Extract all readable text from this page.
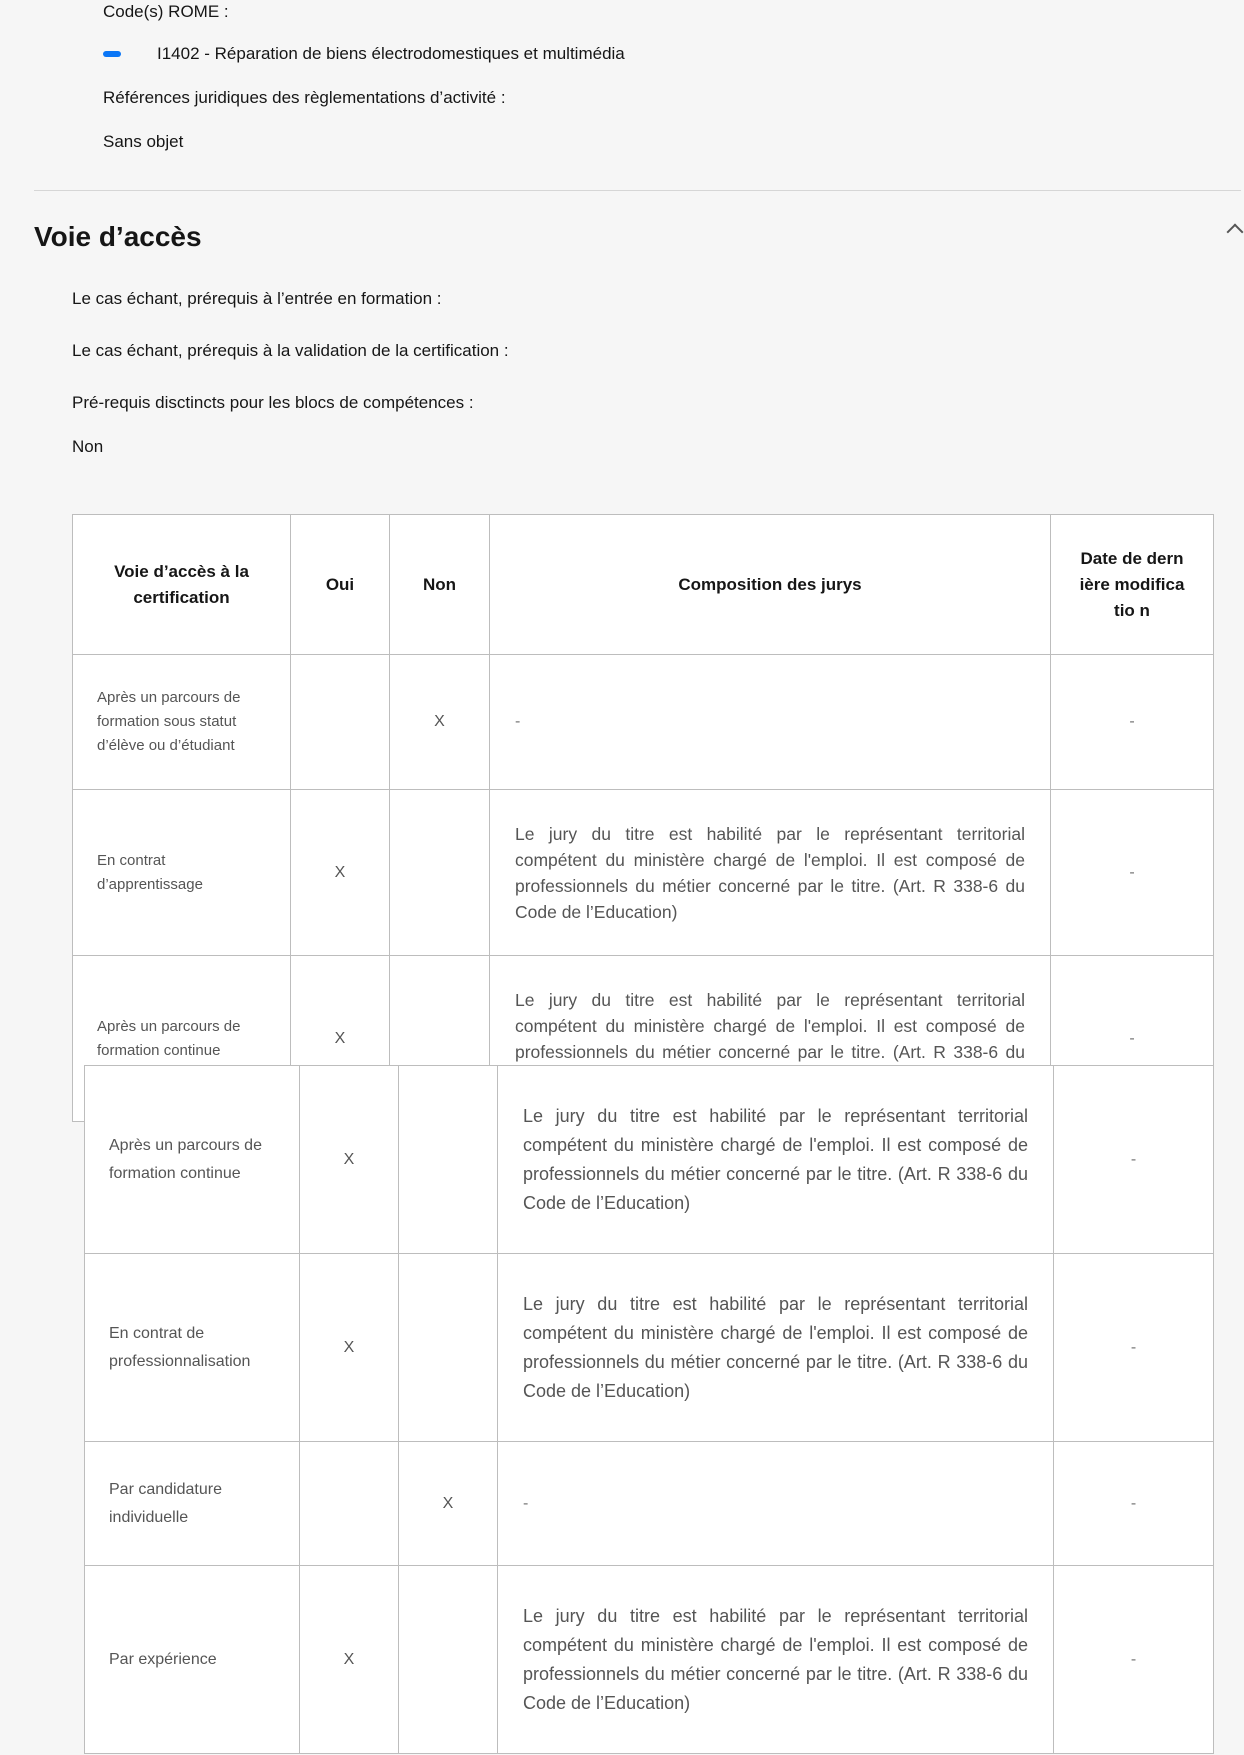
Code(s) ROME :
I1402 - Réparation de biens électrodomestiques et multimédia
Références juridiques des règlementations d’activité :
Sans objet
Voie d’accès
Le cas échant, prérequis à l’entrée en formation :
Le cas échant, prérequis à la validation de la certification :
Pré-requis disctincts pour les blocs de compétences :
Non
Voie d’accès à la certification	Oui	Non	Composition des jurys	Date de dernière modificatio n
Après un parcours de formation sous statut d’élève ou d’étudiant		X	-	-
En contrat d’apprentissage	X		Le jury du titre est habilité par le représentant territorial compétent du ministère chargé de l'emploi. Il est composé de professionnels du métier concerné par le titre. (Art. R 338-6 du Code de l’Education)	-
Après un parcours de formation continue	X		Le jury du titre est habilité par le représentant territorial compétent du ministère chargé de l'emploi. Il est composé de professionnels du métier concerné par le titre. (Art. R 338-6 du	-
Après un parcours de formation continue	X		Le jury du titre est habilité par le représentant territorial compétent du ministère chargé de l'emploi. Il est composé de professionnels du métier concerné par le titre. (Art. R 338-6 du Code de l’Education)	-
En contrat de professionnalisation	X		Le jury du titre est habilité par le représentant territorial compétent du ministère chargé de l'emploi. Il est composé de professionnels du métier concerné par le titre. (Art. R 338-6 du Code de l’Education)	-
Par candidature individuelle		X	-	-
Par expérience	X		Le jury du titre est habilité par le représentant territorial compétent du ministère chargé de l'emploi. Il est composé de professionnels du métier concerné par le titre. (Art. R 338-6 du Code de l’Education)	-
